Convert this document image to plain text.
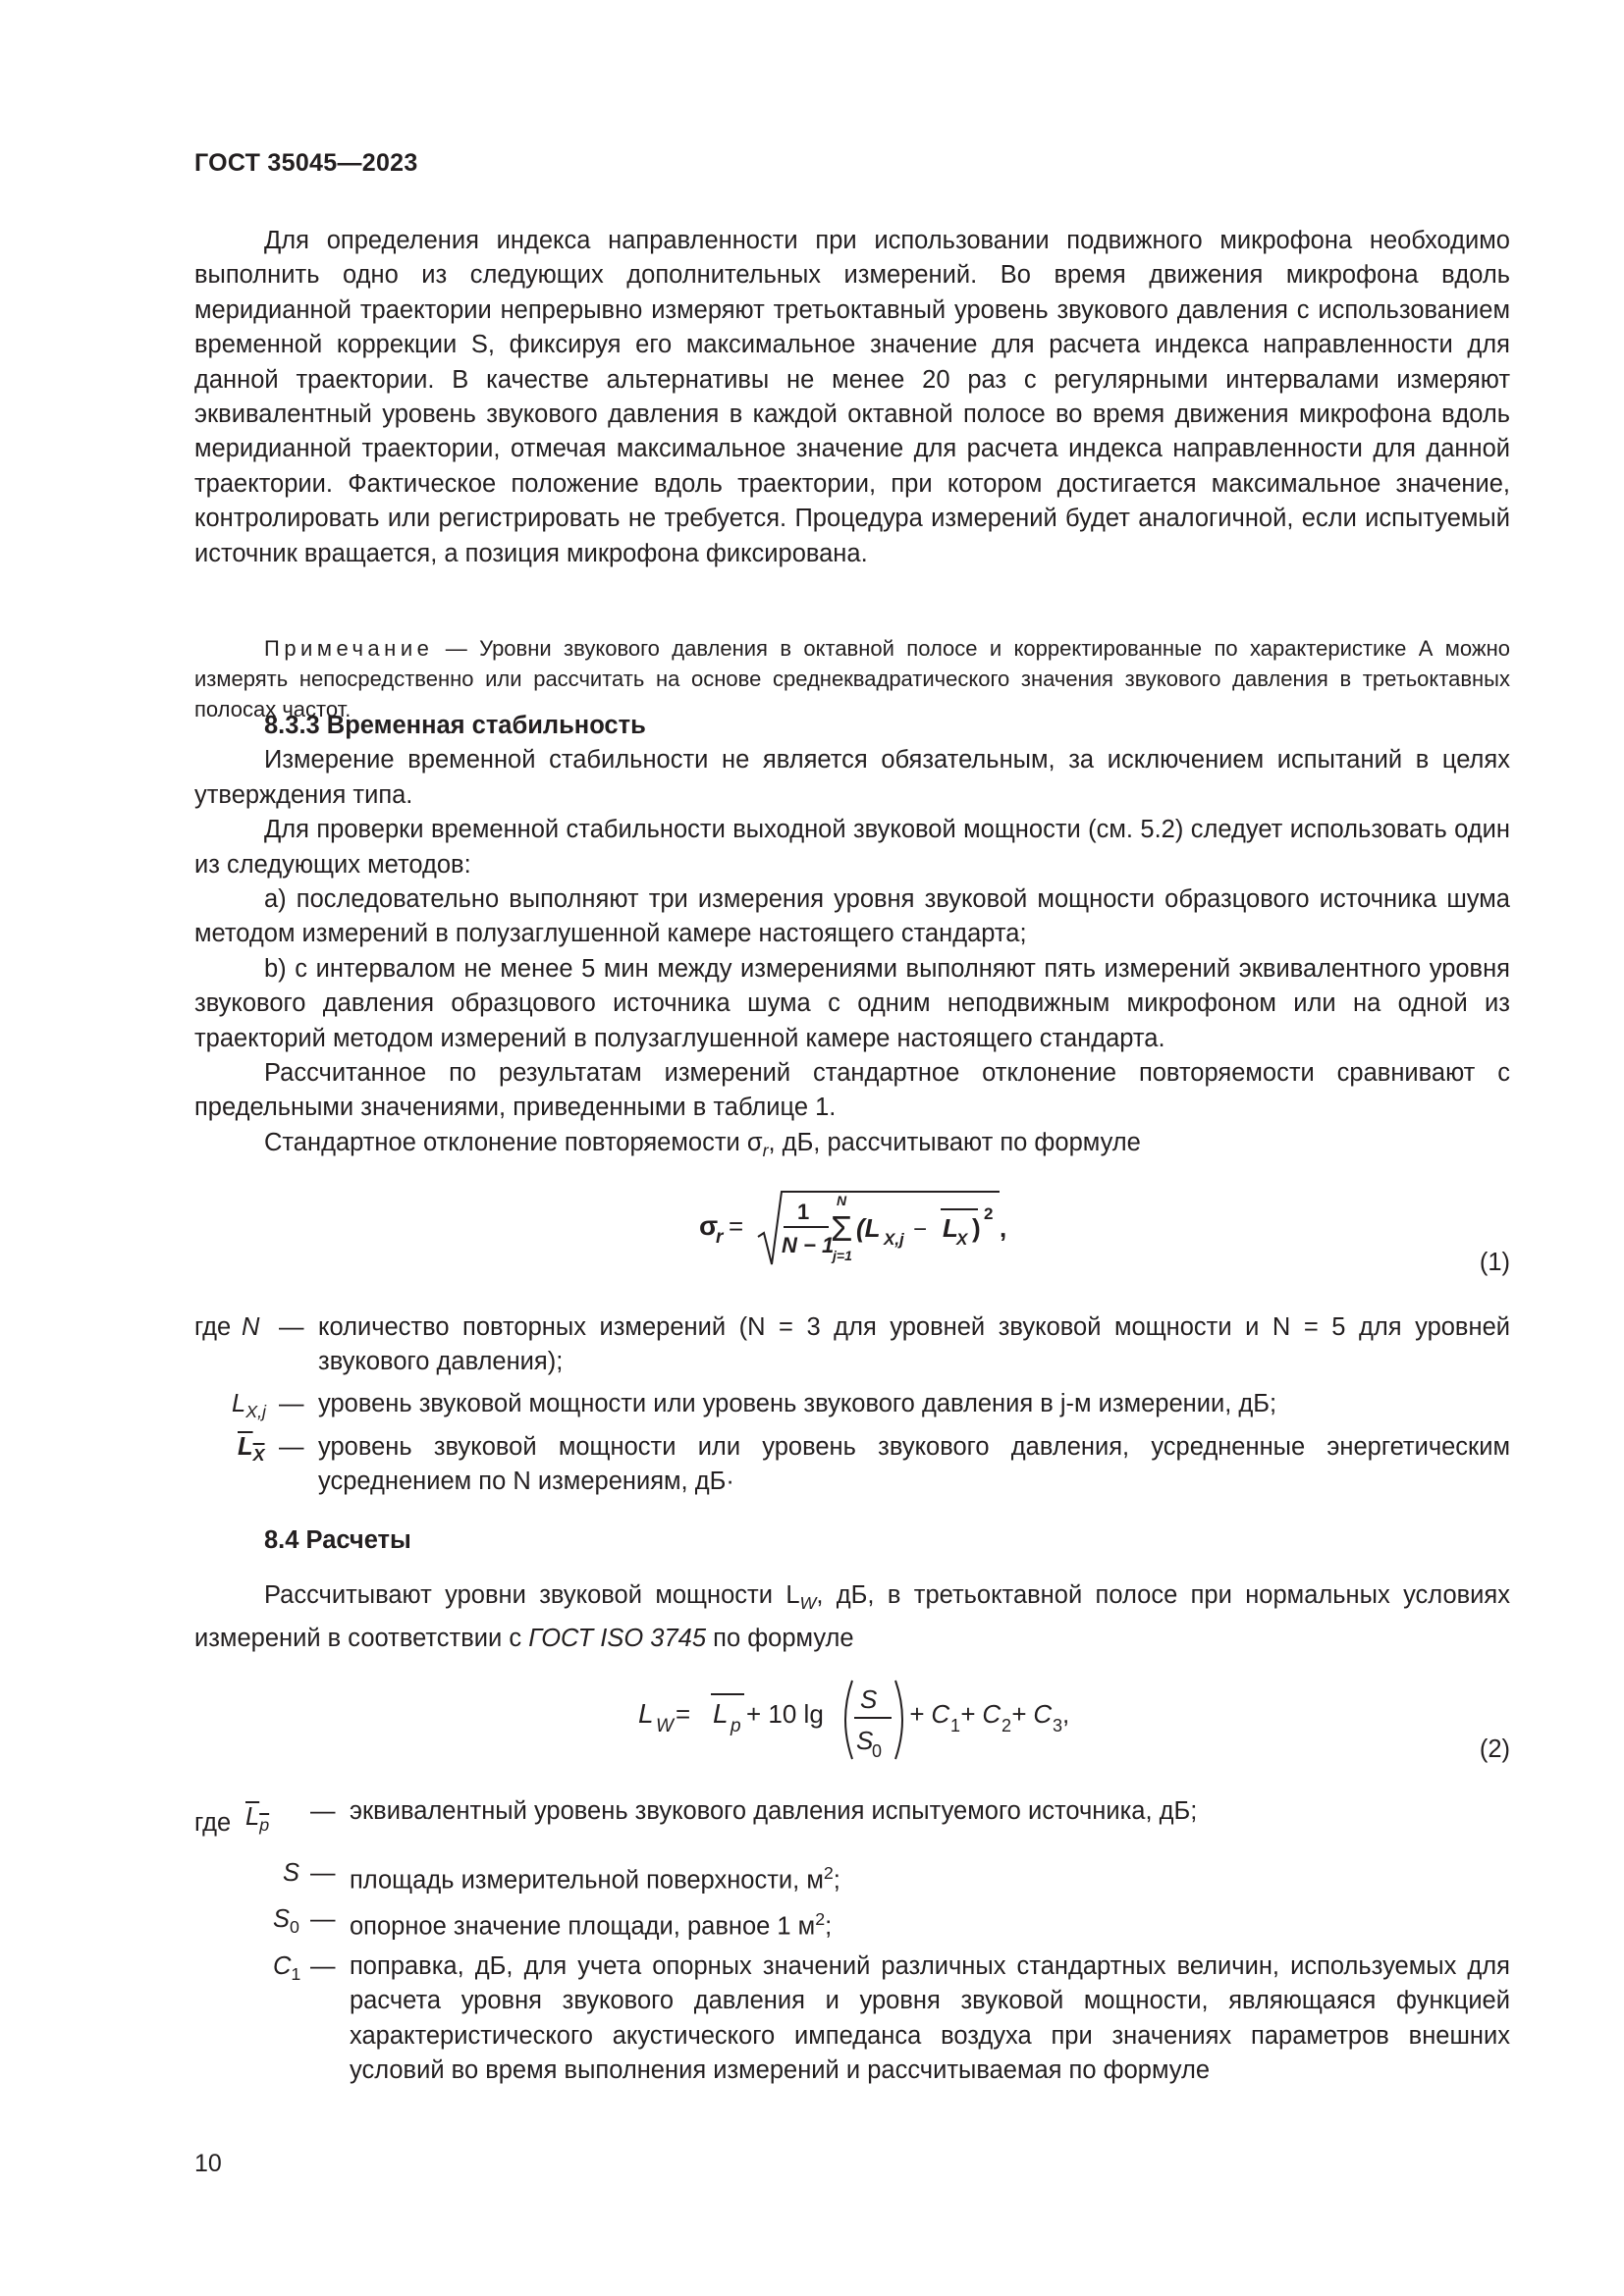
ГОСТ 35045—2023

Для определения индекса направленности при использовании подвижного микрофона необходимо выполнить одно из следующих дополнительных измерений. Во время движения микрофона вдоль меридианной траектории непрерывно измеряют третьоктавный уровень звукового давления с использованием временной коррекции S, фиксируя его максимальное значение для расчета индекса направленности для данной траектории. В качестве альтернативы не менее 20 раз с регулярными интервалами измеряют эквивалентный уровень звукового давления в каждой октавной полосе во время движения микрофона вдоль меридианной траектории, отмечая максимальное значение для расчета индекса направленности для данной траектории. Фактическое положение вдоль траектории, при котором достигается максимальное значение, контролировать или регистрировать не требуется. Процедура измерений будет аналогичной, если испытуемый источник вращается, а позиция микрофона фиксирована.

Примечание — Уровни звукового давления в октавной полосе и корректированные по характеристике А можно измерять непосредственно или рассчитать на основе среднеквадратического значения звукового давления в третьоктавных полосах частот.

8.3.3 Временная стабильность

Измерение временной стабильности не является обязательным, за исключением испытаний в целях утверждения типа.

Для проверки временной стабильности выходной звуковой мощности (см. 5.2) следует использовать один из следующих методов:

a) последовательно выполняют три измерения уровня звуковой мощности образцового источника шума методом измерений в полузаглушенной камере настоящего стандарта;

b) с интервалом не менее 5 мин между измерениями выполняют пять измерений эквивалентного уровня звукового давления образцового источника шума с одним неподвижным микрофоном или на одной из траекторий методом измерений в полузаглушенной камере настоящего стандарта.

Рассчитанное по результатам измерений стандартное отклонение повторяемости сравнивают с предельными значениями, приведенными в таблице 1.

Стандартное отклонение повторяемости $\sigma_r$, дБ, рассчитывают по формуле

σ
r = 1
N − 1
N
Σ
j=1
(L X,j − L
X ) 2 ,
(1)
где N — количество повторных измерений (N = 3 для уровней звуковой мощности и N = 5 для уровней звукового давления);
$L_{X,j}$ — уровень звуковой мощности или уровень звукового давления в j-м измерении, дБ;
$L_X$ — уровень звуковой мощности или уровень звукового давления, усредненные энергетическим усреднением по N измерениям, дБ·

8.4 Расчеты

Рассчитывают уровни звуковой мощности $L_W$, дБ, в третьоктавной полосе при нормальных условиях измерений в соответствии с ГОСТ ISO 3745 по формуле

L W = L p + 10 lg S
S
0
+ C 1 + C 2 + C 3 ,
(2)
где $L_p$
— эквивалентный уровень звукового давления испытуемого источника, дБ;
S — площадь измерительной поверхности, $м^2$;
$S_0$ — опорное значение площади, равное 1 $м^2$;
$C_1$ — поправка, дБ, для учета опорных значений различных стандартных величин, используемых для расчета уровня звукового давления и уровня звуковой мощности, являющаяся функцией характеристического акустического импеданса воздуха при значениях параметров внешних условий во время выполнения измерений и рассчитываемая по формуле
10
